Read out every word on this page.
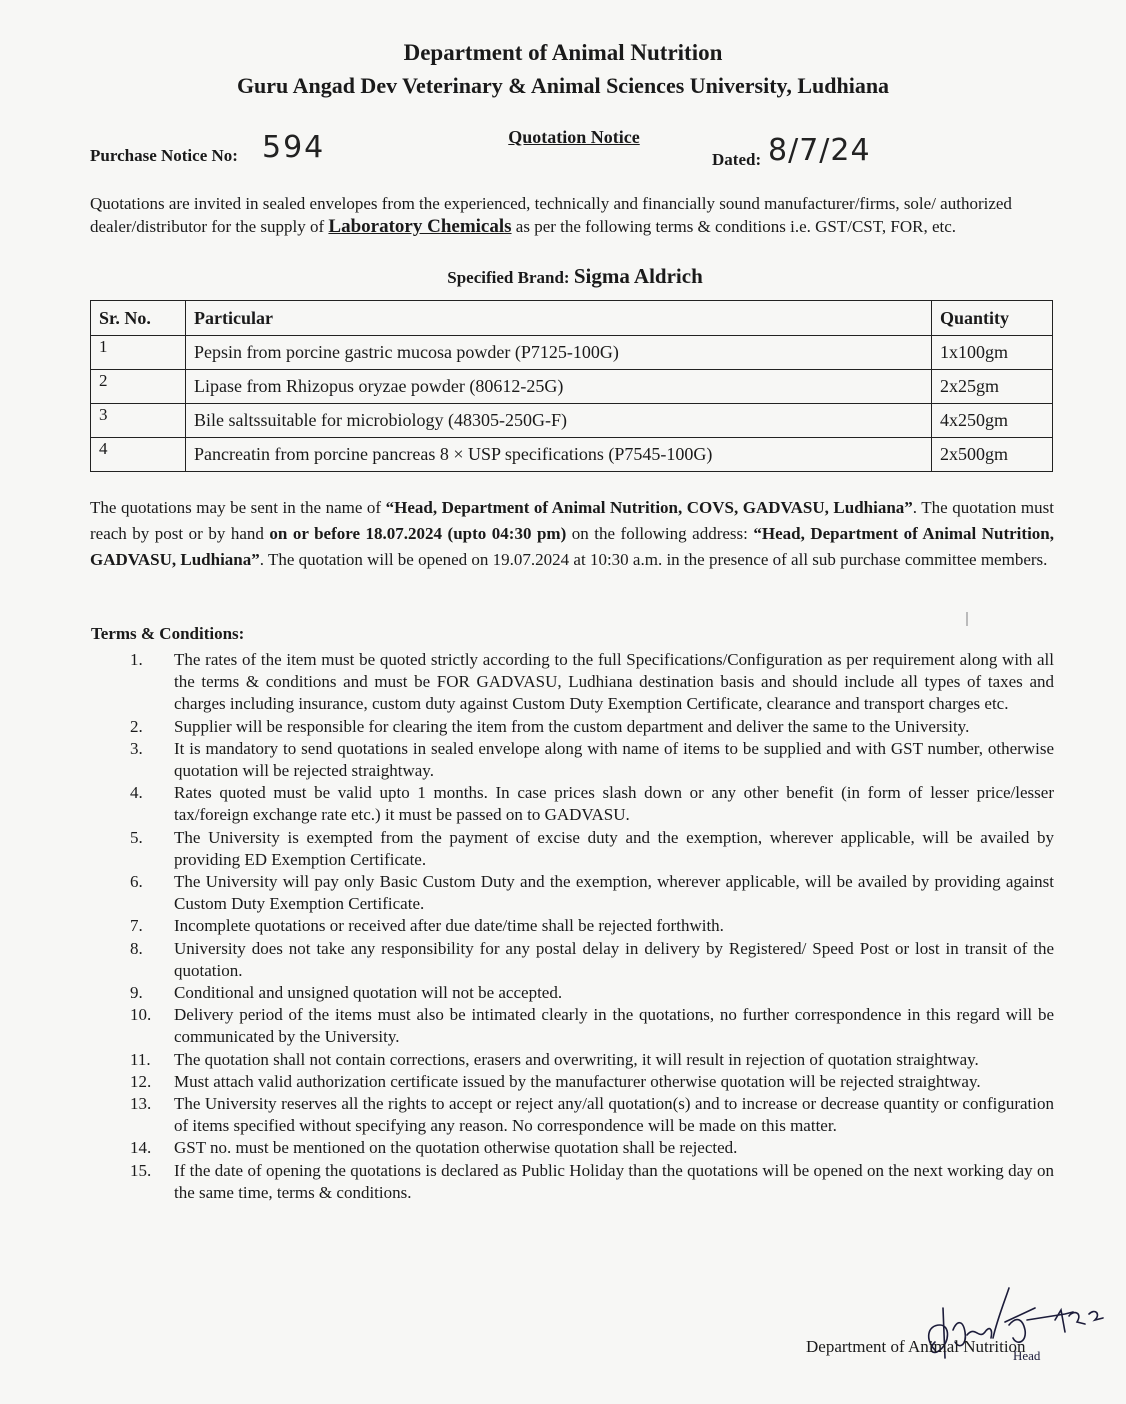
Department of Animal Nutrition
Guru Angad Dev Veterinary & Animal Sciences University, Ludhiana
Quotation Notice
Purchase Notice No: 594	Dated: 8/7/24
Quotations are invited in sealed envelopes from the experienced, technically and financially sound manufacturer/firms, sole/ authorized dealer/distributor for the supply of Laboratory Chemicals as per the following terms & conditions i.e. GST/CST, FOR, etc.
Specified Brand: Sigma Aldrich
Sr. No.	Particular	Quantity
1	Pepsin from porcine gastric mucosa powder (P7125-100G)	1x100gm
2	Lipase from Rhizopus oryzae powder (80612-25G)	2x25gm
3	Bile saltssuitable for microbiology (48305-250G-F)	4x250gm
4	Pancreatin from porcine pancreas 8 × USP specifications (P7545-100G)	2x500gm
The quotations may be sent in the name of “Head, Department of Animal Nutrition, COVS, GADVASU, Ludhiana”. The quotation must reach by post or by hand on or before 18.07.2024 (upto 04:30 pm) on the following address: “Head, Department of Animal Nutrition, GADVASU, Ludhiana”. The quotation will be opened on 19.07.2024 at 10:30 a.m. in the presence of all sub purchase committee members.
Terms & Conditions:
1.	The rates of the item must be quoted strictly according to the full Specifications/Configuration as per requirement along with all the terms & conditions and must be FOR GADVASU, Ludhiana destination basis and should include all types of taxes and charges including insurance, custom duty against Custom Duty Exemption Certificate, clearance and transport charges etc.
2.	Supplier will be responsible for clearing the item from the custom department and deliver the same to the University.
3.	It is mandatory to send quotations in sealed envelope along with name of items to be supplied and with GST number, otherwise quotation will be rejected straightway.
4.	Rates quoted must be valid upto 1 months. In case prices slash down or any other benefit (in form of lesser price/lesser tax/foreign exchange rate etc.) it must be passed on to GADVASU.
5.	The University is exempted from the payment of excise duty and the exemption, wherever applicable, will be availed by providing ED Exemption Certificate.
6.	The University will pay only Basic Custom Duty and the exemption, wherever applicable, will be availed by providing against Custom Duty Exemption Certificate.
7.	Incomplete quotations or received after due date/time shall be rejected forthwith.
8.	University does not take any responsibility for any postal delay in delivery by Registered/ Speed Post or lost in transit of the quotation.
9.	Conditional and unsigned quotation will not be accepted.
10.	Delivery period of the items must also be intimated clearly in the quotations, no further correspondence in this regard will be communicated by the University.
11.	The quotation shall not contain corrections, erasers and overwriting, it will result in rejection of quotation straightway.
12.	Must attach valid authorization certificate issued by the manufacturer otherwise quotation will be rejected straightway.
13.	The University reserves all the rights to accept or reject any/all quotation(s) and to increase or decrease quantity or configuration of items specified without specifying any reason. No correspondence will be made on this matter.
14.	GST no. must be mentioned on the quotation otherwise quotation shall be rejected.
15.	If the date of opening the quotations is declared as Public Holiday than the quotations will be opened on the next working day on the same time, terms & conditions.
Head
Department of Animal Nutrition
